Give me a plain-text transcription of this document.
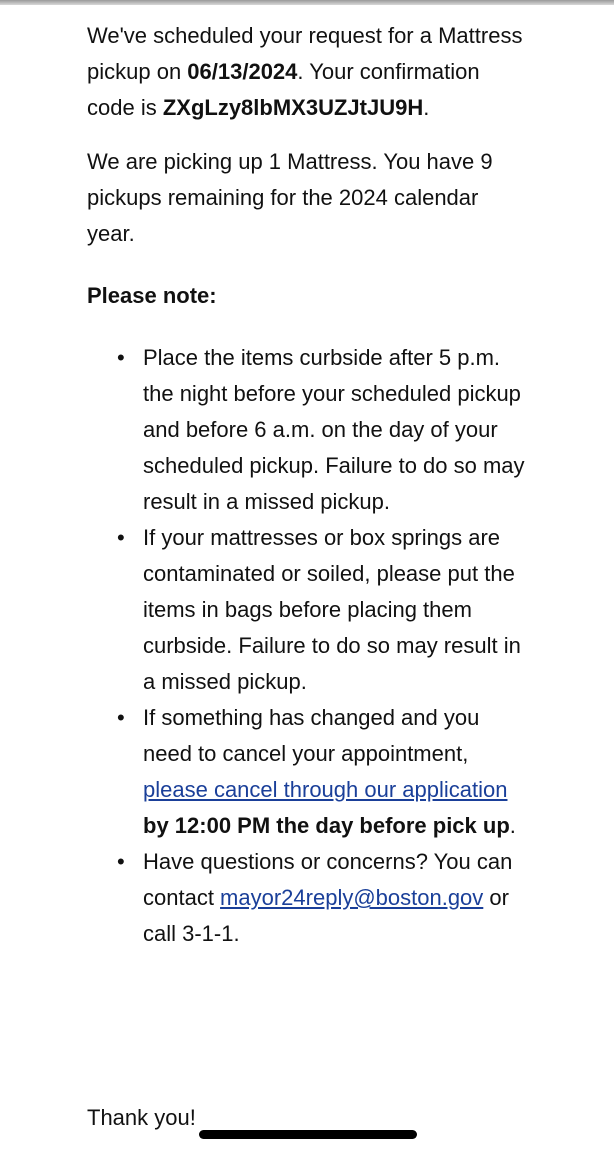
We've scheduled your request for a Mattress pickup on 06/13/2024. Your confirmation code is ZXgLzy8lbMX3UZJtJU9H.

We are picking up 1 Mattress. You have 9 pickups remaining for the 2024 calendar year.

Please note:

• Place the items curbside after 5 p.m. the night before your scheduled pickup and before 6 a.m. on the day of your scheduled pickup. Failure to do so may result in a missed pickup.
• If your mattresses or box springs are contaminated or soiled, please put the items in bags before placing them curbside. Failure to do so may result in a missed pickup.
• If something has changed and you need to cancel your appointment, please cancel through our application by 12:00 PM the day before pick up.
• Have questions or concerns? You can contact mayor24reply@boston.gov or call 3-1-1.
Thank you!
